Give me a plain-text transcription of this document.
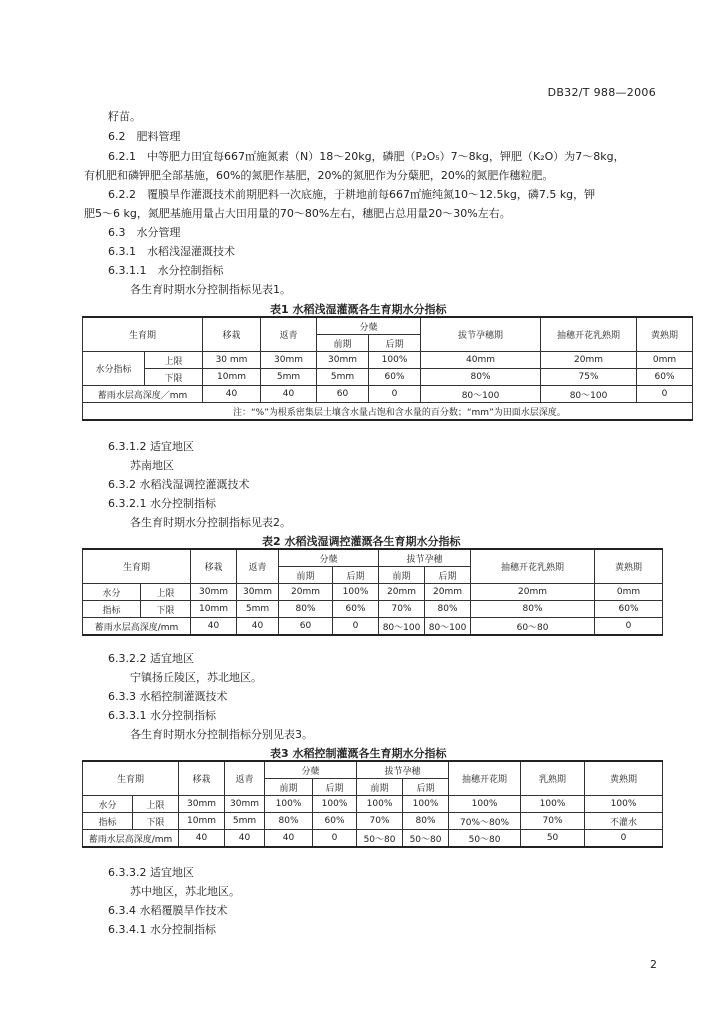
DB32/T 988—2006
籽苗。
6.2　肥料管理
6.2.1　中等肥力田宜每667㎡施氮素（N）18～20kg，磷肥（P₂O₅）7～8kg，钾肥（K₂O）为7～8kg，
有机肥和磷钾肥全部基施，60%的氮肥作基肥，20%的氮肥作为分蘖肥，20%的氮肥作穗粒肥。
6.2.2　覆膜旱作灌溉技术前期肥料一次底施，于耕地前每667㎡施纯氮10～12.5kg，磷7.5 kg，钾
肥5～6 kg，氮肥基施用量占大田用量的70～80%左右，穗肥占总用量20～30%左右。
6.3　水分管理
6.3.1　水稻浅湿灌溉技术
6.3.1.1　水分控制指标
各生育时期水分控制指标见表1。
表1 水稻浅湿灌溉各生育期水分指标
生育期		移栽	返青	分蘖		拔节孕穗期	抽穗开花乳熟期	黄熟期
				前期	后期			
水分指标	上限	30 mm	30mm	30mm	100%	40mm	20mm	0mm
	下限	10mm	5mm	5mm	60%	80%	75%	60%
蓄雨水层高深度／mm		40	40	60	0	80～100	80～100	0
注：“%”为根系密集层土壤含水量占饱和含水量的百分数；“mm”为田面水层深度。								
6.3.1.2 适宜地区
苏南地区
6.3.2 水稻浅湿调控灌溉技术
6.3.2.1 水分控制指标
各生育时期水分控制指标见表2。
表2 水稻浅湿调控灌溉各生育期水分指标
生育期		移栽	返青	分蘖		拔节孕穗		抽穗开花乳熟期	黄熟期
				前期	后期	前期	后期		
水分	上限	30mm	30mm	20mm	100%	20mm	20mm	20mm	0mm
指标	下限	10mm	5mm	80%	60%	70%	80%	80%	60%
蓄雨水层高深度/mm		40	40	60	0	80～100	80～100	60～80	0
6.3.2.2 适宜地区
宁镇扬丘陵区，苏北地区。
6.3.3 水稻控制灌溉技术
6.3.3.1 水分控制指标
各生育时期水分控制指标分别见表3。
表3 水稻控制灌溉各生育期水分指标
生育期		移栽	返青	分蘖		拔节孕穗		抽穗开花期	乳熟期	黄熟期
				前期	后期	前期	后期			
水分	上限	30mm	30mm	100%	100%	100%	100%	100%	100%	100%
指标	下限	10mm	5mm	80%	60%	70%	80%	70%～80%	70%	不灌水
蓄雨水层高深度/mm		40	40	40	0	50～80	50～80	50～80	50	0
6.3.3.2 适宜地区
苏中地区，苏北地区。
6.3.4 水稻覆膜旱作技术
6.3.4.1 水分控制指标
2
